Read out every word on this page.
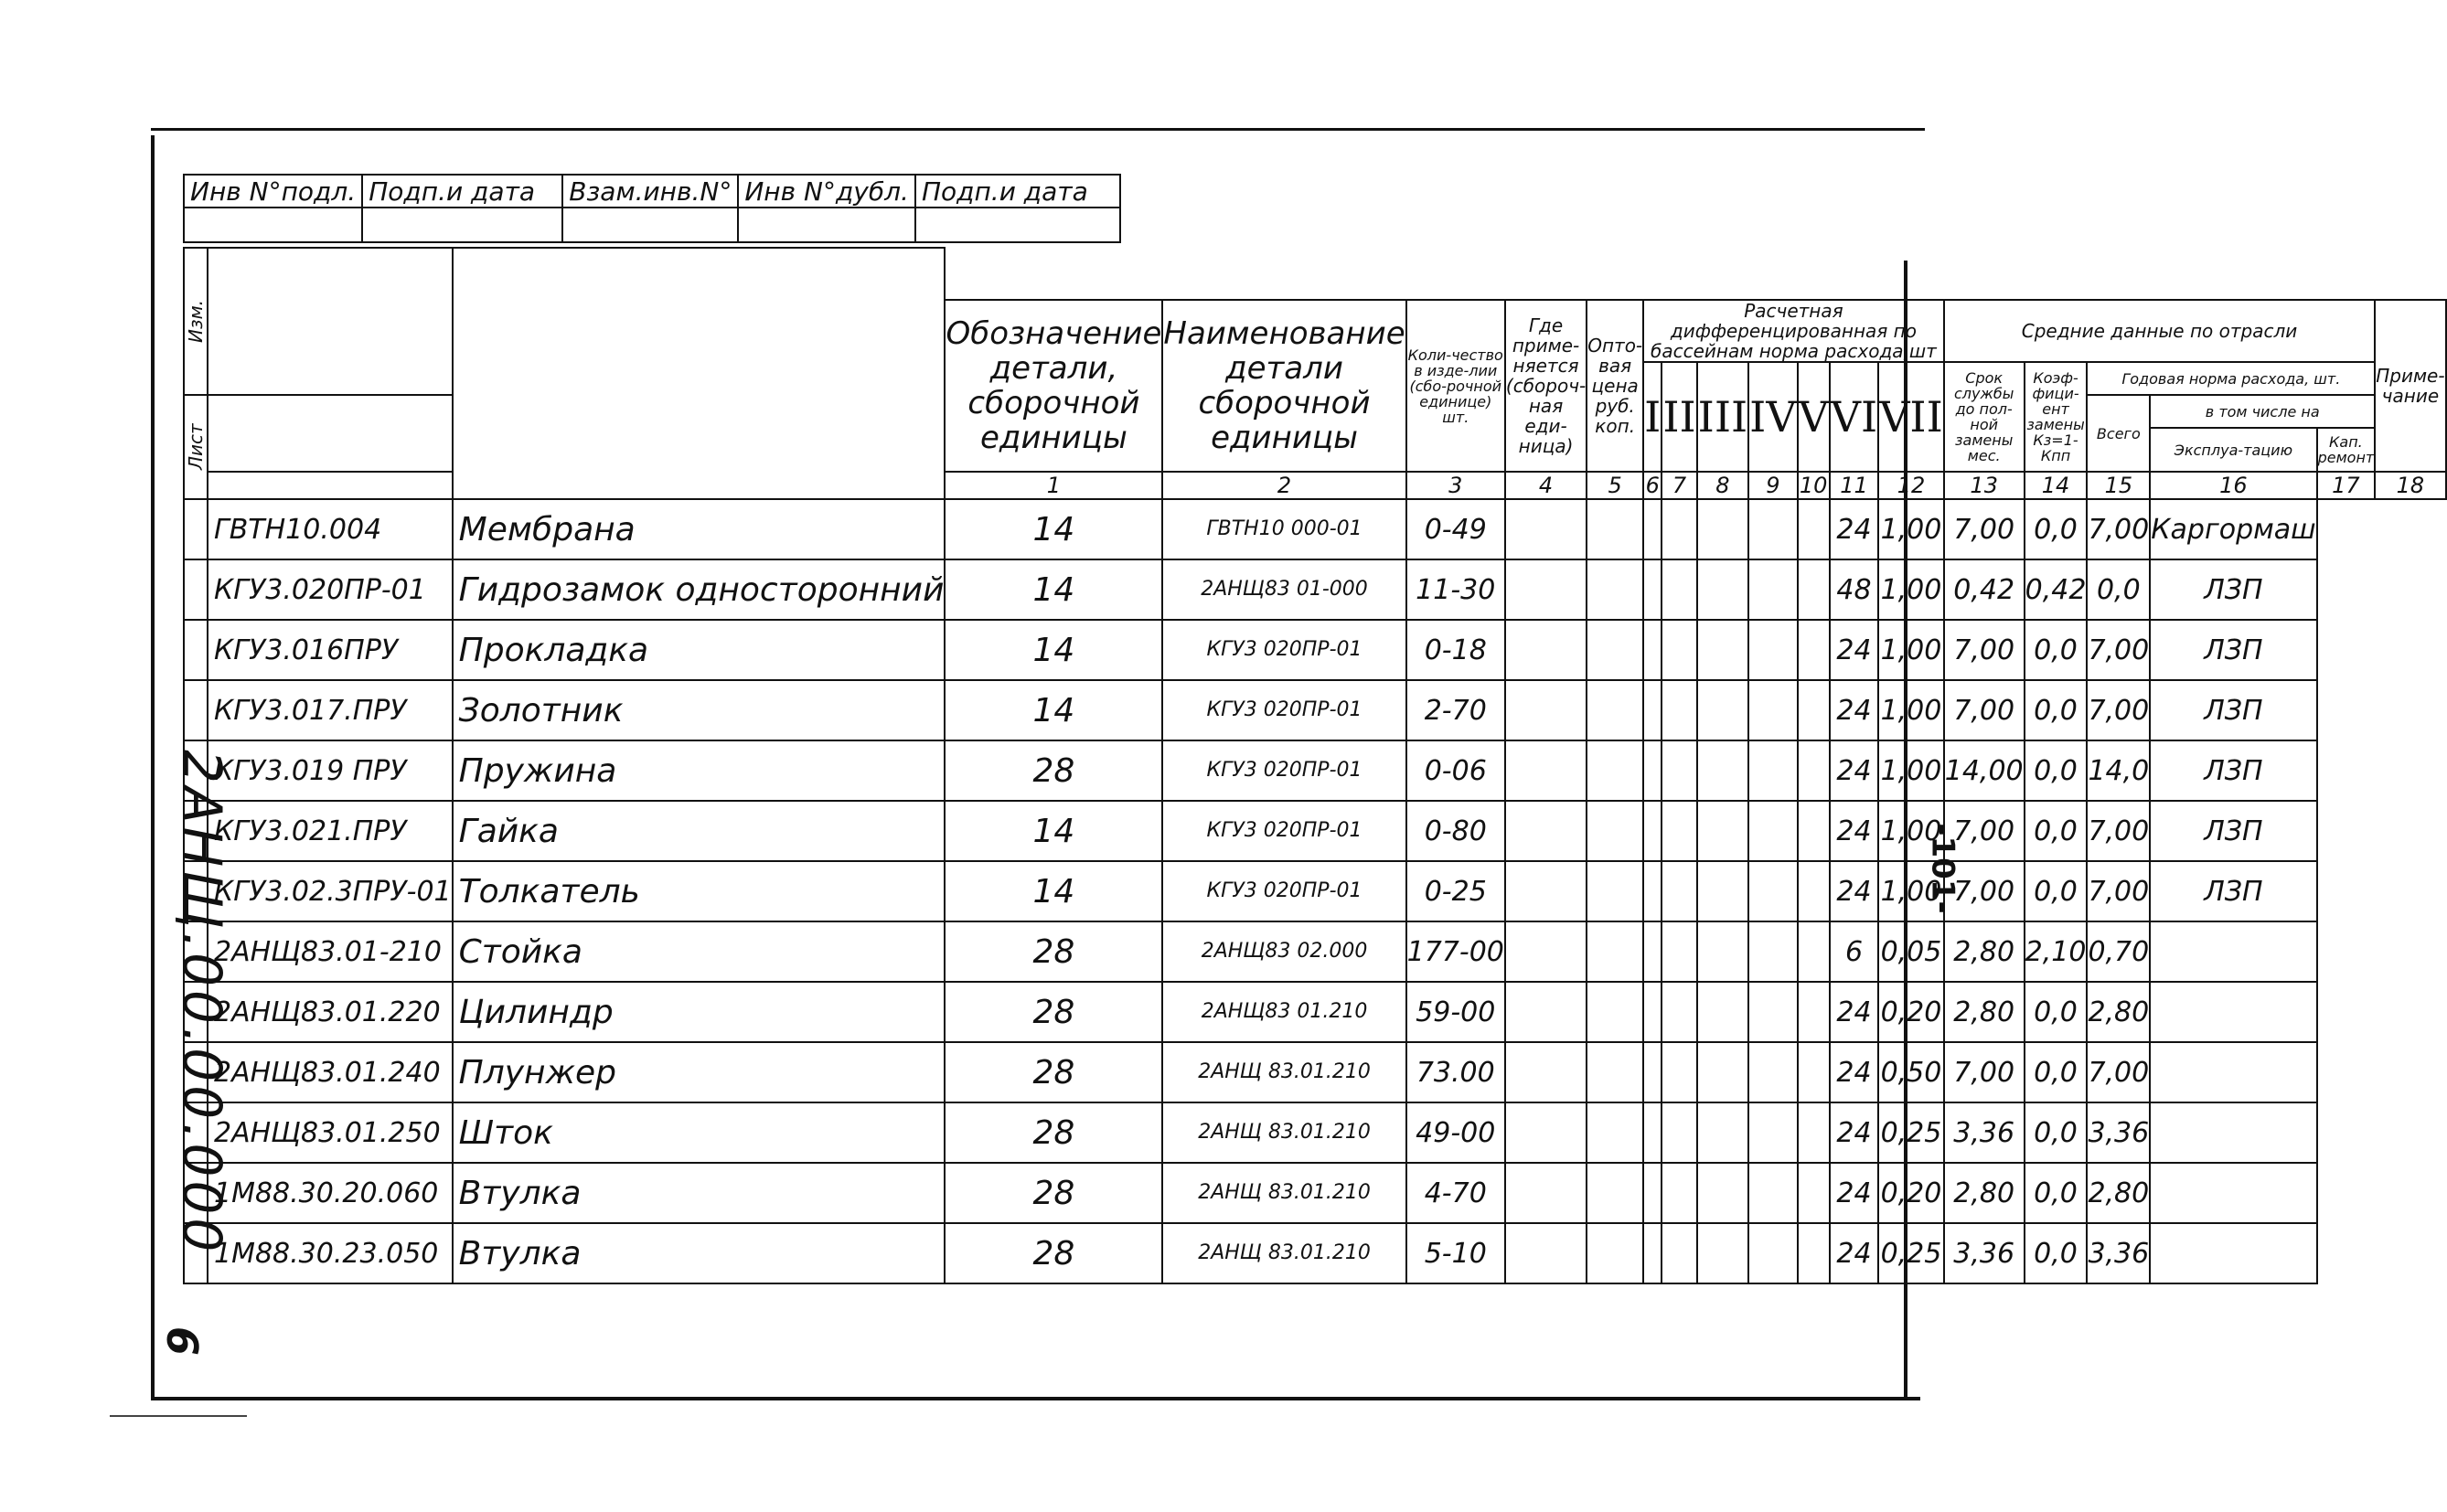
Инв N°подл.	Подп.и дата	Взам.инв.N°	Инв N°дубл.	Подп.и дата

Изм.																				
			Обозначение детали, сборочной единицы	Наименование детали сборочной единицы	Коли-чество в изде-лии (сбо-рочной единице) шт.	Где приме-няется (сбороч-ная еди-ница)	Опто-вая цена руб. коп.	Расчетная дифференцированная по бассейнам норма расхода,шт							Средние данные по отрасли					Приме-чание
								I	II	III	IV	V	VI	VII	Срок службы до пол-ной замены мес.	Коэф-фици-ент замены Кз=1-Кпп	Годовая норма расхода, шт.			
Лист																	Всего	в том числе на		
																		Эксплуа-тацию	Кап. ремонт	
			1	2	3	4	5	6	7	8	9	10	11	12	13	14	15	16	17	18
	ГВТН10.004	Мембрана	14	ГВТН10 000-01	0-49								24	1,00	7,00	0,0	7,00	Каргормаш		
	КГУ3.020ПР-01	Гидрозамок односторонний	14	2АНЩ83 01-000	11-30								48	1,00	0,42	0,42	0,0	ЛЗП		
	КГУ3.016ПРУ	Прокладка	14	КГУ3 020ПР-01	0-18								24	1,00	7,00	0,0	7,00	ЛЗП		
	КГУ3.017.ПРУ	Золотник	14	КГУ3 020ПР-01	2-70								24	1,00	7,00	0,0	7,00	ЛЗП		
	КГУ3.019 ПРУ	Пружина	28	КГУ3 020ПР-01	0-06								24	1,00	14,00	0,0	14,0	ЛЗП		
	КГУ3.021.ПРУ	Гайка	14	КГУ3 020ПР-01	0-80								24	1,00	7,00	0,0	7,00	ЛЗП		
	КГУ3.02.3ПРУ-01	Толкатель	14	КГУ3 020ПР-01	0-25								24	1,00	7,00	0,0	7,00	ЛЗП		
	2АНЩ83.01-210	Стойка	28	2АНЩ83 02.000	177-00								6	0,05	2,80	2,10	0,70			
	2АНЩ83.01.220	Цилиндр	28	2АНЩ83 01.210	59-00								24	0,20	2,80	0,0	2,80			
	2АНЩ83.01.240	Плунжер	28	2АНЩ 83.01.210	73.00								24	0,50	7,00	0,0	7,00			
	2АНЩ83.01.250	Шток	28	2АНЩ 83.01.210	49-00								24	0,25	3,36	0,0	3,36			
	1М88.30.20.060	Втулка	28	2АНЩ 83.01.210	4-70								24	0,20	2,80	0,0	2,80			
	1М88.30.23.050	Втулка	28	2АНЩ 83.01.210	5-10								24	0,25	3,36	0,0	3,36			
2АНЩ.00.00.000
6
-101-
